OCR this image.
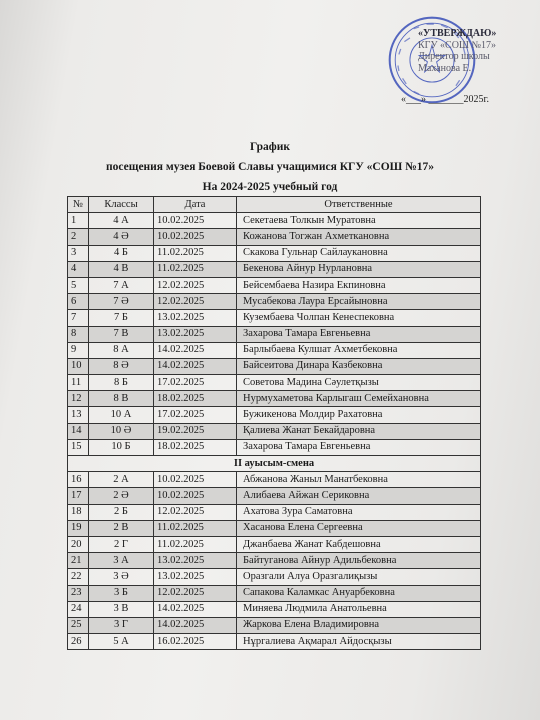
«УТВЕРЖДАЮ»
КГУ «СОШ №17»
Директор школы
Маханова Е.
«___» _______2025г.
График
посещения музея Боевой Славы учащимися КГУ «СОШ №17»
На 2024-2025 учебный год
№	Классы	Дата	Ответственные
1	4 А	10.02.2025	Секетаева Толкын Муратовна
2	4 Ә	10.02.2025	Кожанова Тогжан Ахметкановна
3	4 Б	11.02.2025	Скакова Гульнар Сайлаукановна
4	4 В	11.02.2025	Бекенова Айнур Нурлановна
5	7 А	12.02.2025	Бейсембаева Назира Екпиновна
6	7 Ә	12.02.2025	Мусабекова Лаура Ерсайыновна
7	7 Б	13.02.2025	Кузембаева Чолпан Кенеспековна
8	7 В	13.02.2025	Захарова Тамара Евгеньевна
9	8 А	14.02.2025	Барлыбаева Кулшат Ахметбековна
10	8 Ә	14.02.2025	Байсеитова Динара Казбековна
11	8 Б	17.02.2025	Советова Мадина Сәулетқызы
12	8 В	18.02.2025	Нурмухаметова Карлыгаш Семейхановна
13	10 А	17.02.2025	Бужикенова Молдир Рахатовна
14	10 Ә	19.02.2025	Қалиева Жанат Бекайдаровна
15	10 Б	18.02.2025	Захарова Тамара Евгеньевна
ІІ ауысым-смена			
16	2 А	10.02.2025	Абжанова Жаныл Манатбековна
17	2 Ә	10.02.2025	Алибаева Айжан Сериковна
18	2 Б	12.02.2025	Ахатова Зура Саматовна
19	2 В	11.02.2025	Хасанова Елена Сергеевна
20	2 Г	11.02.2025	Джанбаева Жанат Кабдешовна
21	3 А	13.02.2025	Байтуганова Айнур Адильбековна
22	3 Ә	13.02.2025	Оразгали Алуа Оразгалиқызы
23	3 Б	12.02.2025	Сапакова Каламкас Ануарбековна
24	3 В	14.02.2025	Миняева Людмила Анатольевна
25	3 Г	14.02.2025	Жаркова Елена Владимировна
26	5 А	16.02.2025	Нұргалиева Ақмарал Айдосқызы
